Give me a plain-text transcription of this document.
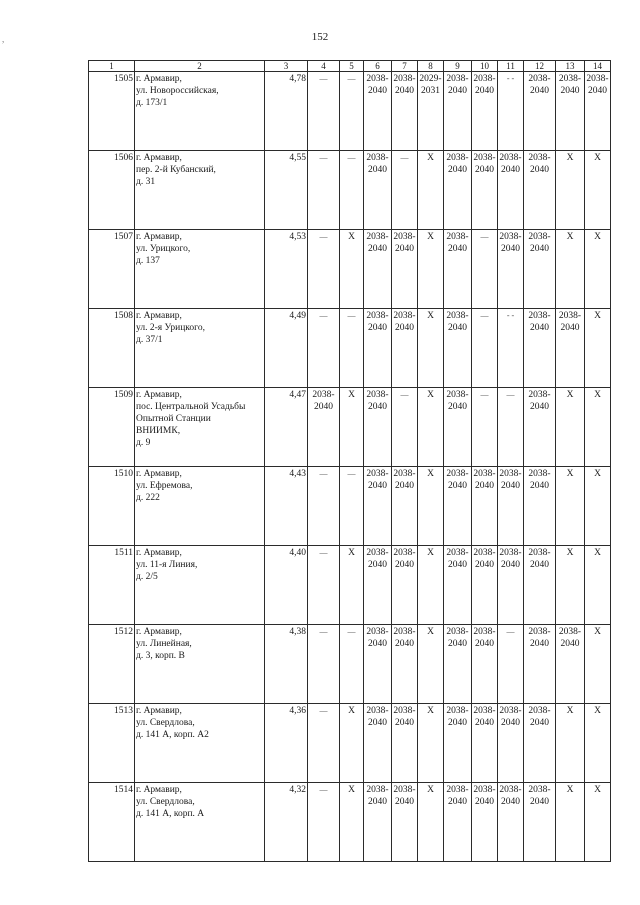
152
,
1	2	3	4	5	6	7	8	9	10	11	12	13	14
1505	г. Армавир,
ул. Новороссийская,
д. 173/1	4,78	—	—	2038-
2040	2038-
2040	2029-
2031	2038-
2040	2038-
2040	- -	2038-
2040	2038-
2040	2038-
2040
1506	г. Армавир,
пер. 2-й Кубанский,
д. 31	4,55	—	—	2038-
2040	—	Х	2038-
2040	2038-
2040	2038-
2040	2038-
2040	Х	Х
1507	г. Армавир,
ул. Урицкого,
д. 137	4,53	—	Х	2038-
2040	2038-
2040	Х	2038-
2040	—	2038-
2040	2038-
2040	Х	Х
1508	г. Армавир,
ул. 2-я Урицкого,
д. 37/1	4,49	—	—	2038-
2040	2038-
2040	Х	2038-
2040	—	- -	2038-
2040	2038-
2040	Х
1509	г. Армавир,
пос. Центральной Усадьбы
Опытной Станции
ВНИИМК,
д. 9	4,47	2038-
2040	Х	2038-
2040	—	Х	2038-
2040	—	—	2038-
2040	Х	Х
1510	г. Армавир,
ул. Ефремова,
д. 222	4,43	—	—	2038-
2040	2038-
2040	Х	2038-
2040	2038-
2040	2038-
2040	2038-
2040	Х	Х
1511	г. Армавир,
ул. 11-я Линия,
д. 2/5	4,40	—	Х	2038-
2040	2038-
2040	Х	2038-
2040	2038-
2040	2038-
2040	2038-
2040	Х	Х
1512	г. Армавир,
ул. Линейная,
д. 3, корп. В	4,38	—	—	2038-
2040	2038-
2040	Х	2038-
2040	2038-
2040	—	2038-
2040	2038-
2040	Х
1513	г. Армавир,
ул. Свердлова,
д. 141 А, корп. А2	4,36	—	Х	2038-
2040	2038-
2040	Х	2038-
2040	2038-
2040	2038-
2040	2038-
2040	Х	Х
1514	г. Армавир,
ул. Свердлова,
д. 141 А, корп. А	4,32	—	Х	2038-
2040	2038-
2040	Х	2038-
2040	2038-
2040	2038-
2040	2038-
2040	Х	Х
